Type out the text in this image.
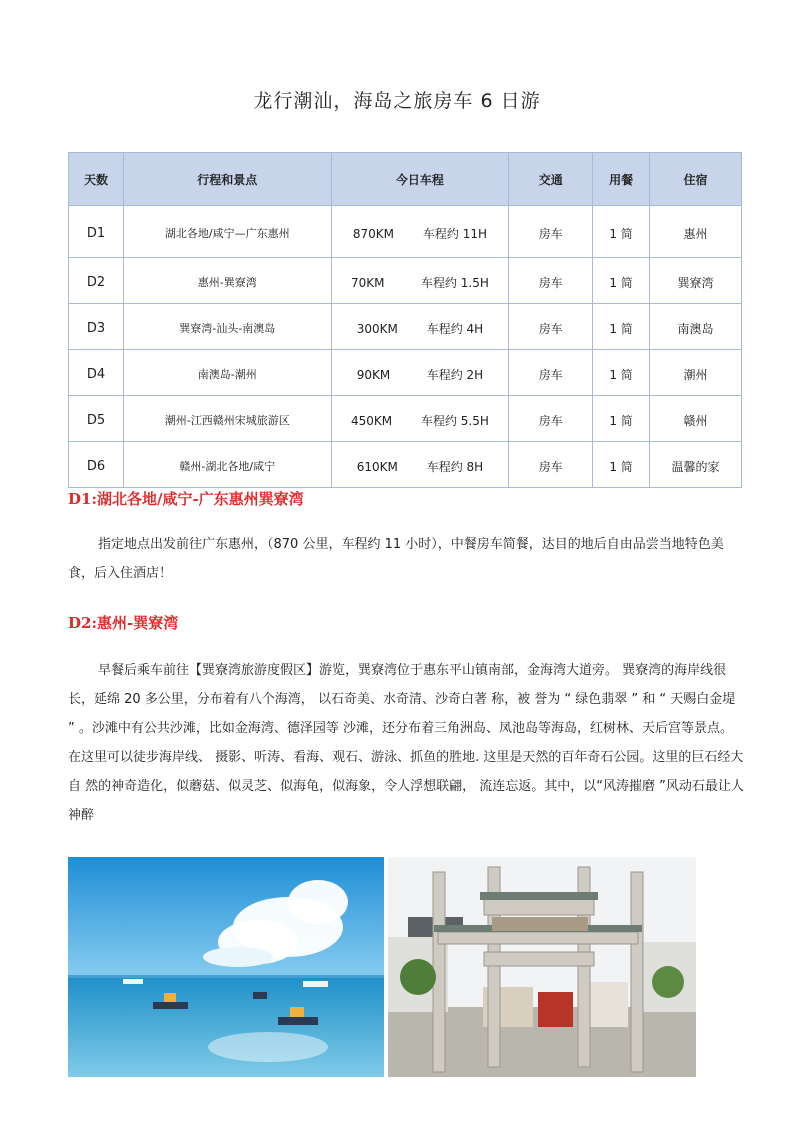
龙行潮汕，海岛之旅房车 6 日游
天数	行程和景点	今日车程	交通	用餐	住宿
D1	湖北各地/咸宁—广东惠州	870KM 车程约 11H	房车	1 简	惠州
D2	惠州-巽寮湾	70KM 车程约 1.5H	房车	1 简	巽寮湾
D3	巽寮湾-汕头-南澳岛	300KM 车程约 4H	房车	1 简	南澳岛
D4	南澳岛-潮州	90KM 车程约 2H	房车	1 简	潮州
D5	潮州-江西赣州宋城旅游区	450KM 车程约 5.5H	房车	1 简	赣州
D6	赣州-湖北各地/咸宁	610KM 车程约 8H	房车	1 简	温馨的家
D1:湖北各地/咸宁-广东惠州巽寮湾

指定地点出发前往广东惠州，（870 公里，车程约 11 小时），中餐房车简餐，达目的地后自由品尝当地特色美食，后入住酒店！

D2:惠州-巽寮湾

早餐后乘车前往【巽寮湾旅游度假区】游览，巽寮湾位于惠东平山镇南部，金海湾大道旁。 巽寮湾的海岸线很长，延绵 20 多公里，分布着有八个海湾， 以石奇美、水奇清、沙奇白著 称，被 誉为 “ 绿色翡翠 ” 和 “ 天赐白金堤 ” 。沙滩中有公共沙滩，比如金海湾、德泽园等 沙滩，还分布着三角洲岛、凤池岛等海岛，红树林、天后宫等景点。在这里可以徒步海岸线、 摄影、听涛、看海、观石、游泳、抓鱼的胜地. 这里是天然的百年奇石公园。这里的巨石经大自 然的神奇造化，似蘑菇、似灵芝、似海龟，似海象，令人浮想联翩， 流连忘返。其中，以“风涛摧磨 ”风动石最让人神醉
